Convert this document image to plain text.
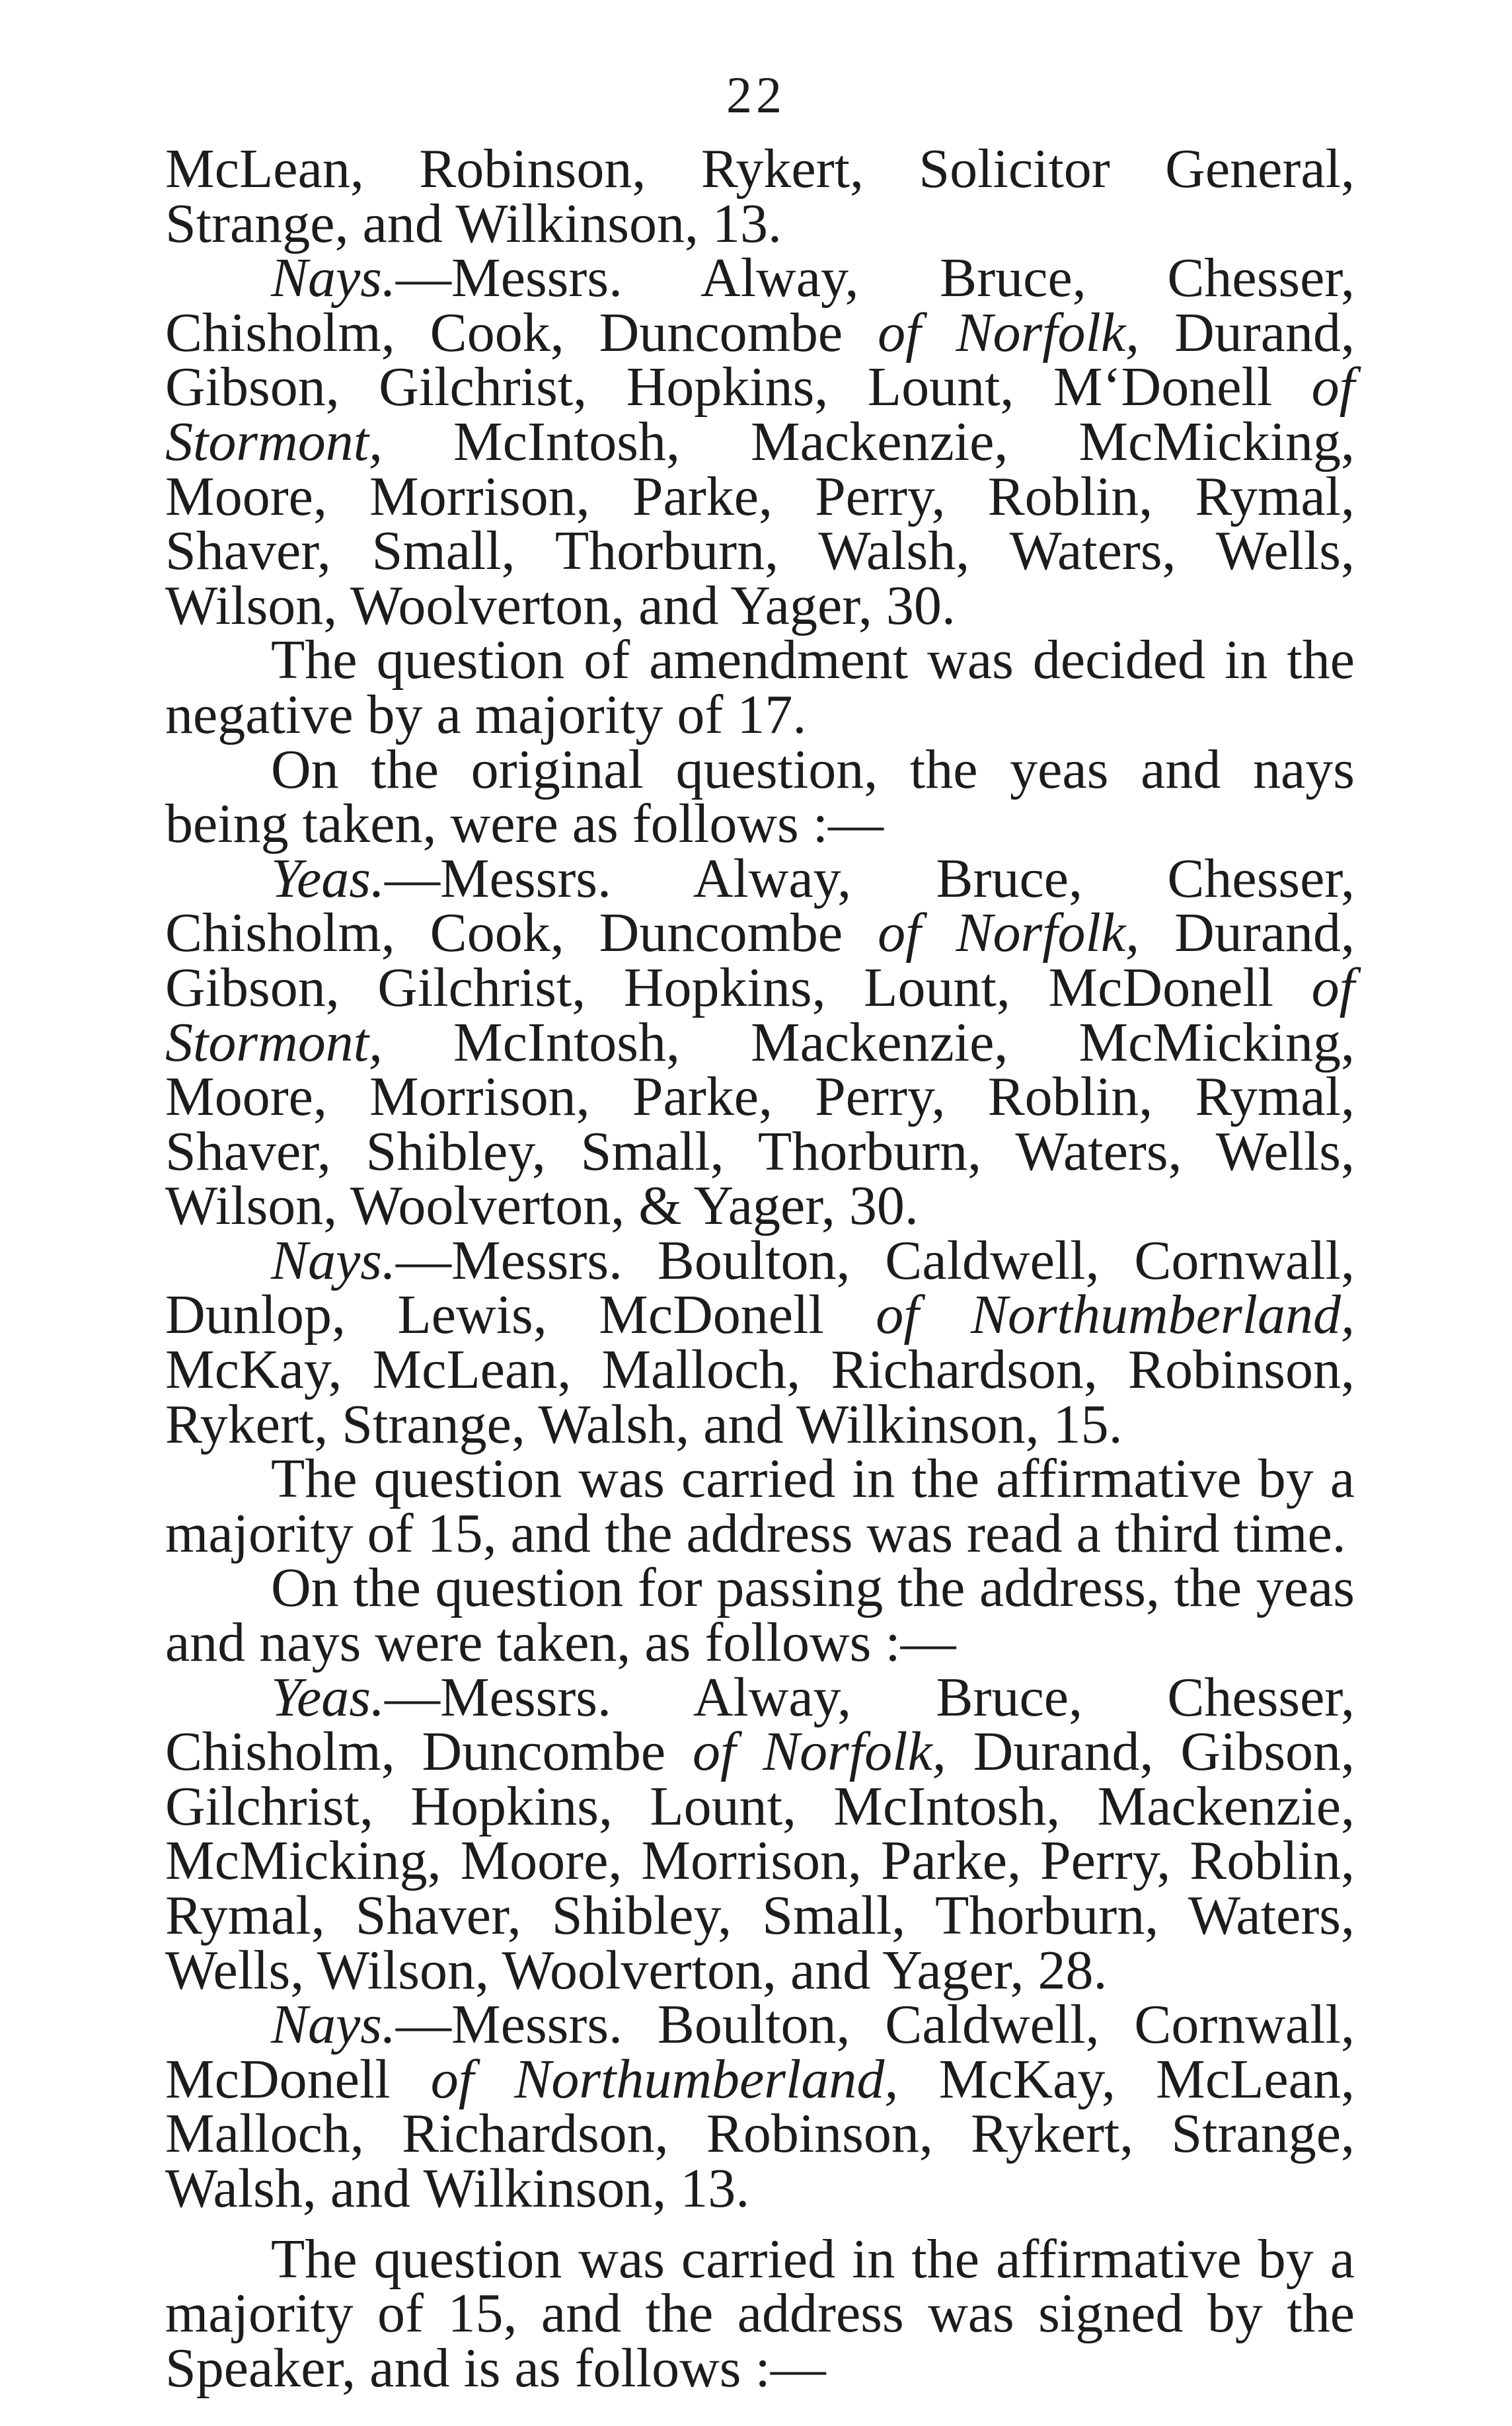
22

McLean, Robinson, Rykert, Solicitor General, Strange, and Wilkinson, 13.

Nays.—Messrs. Alway, Bruce, Chesser, Chisholm, Cook, Duncombe of Norfolk, Durand, Gibson, Gilchrist, Hopkins, Lount, M‘Donell of Stormont, McIntosh, Mackenzie, McMicking, Moore, Morrison, Parke, Perry, Roblin, Rymal, Shaver, Small, Thorburn, Walsh, Waters, Wells, Wilson, Woolverton, and Yager, 30.

The question of amendment was decided in the negative by a majority of 17.

On the original question, the yeas and nays being taken, were as follows :—

Yeas.—Messrs. Alway, Bruce, Chesser, Chisholm, Cook, Duncombe of Norfolk, Durand, Gibson, Gilchrist, Hopkins, Lount, McDonell of Stormont, McIntosh, Mackenzie, McMicking, Moore, Morrison, Parke, Perry, Roblin, Rymal, Shaver, Shibley, Small, Thorburn, Waters, Wells, Wilson, Woolverton, & Yager, 30.

Nays.—Messrs. Boulton, Caldwell, Cornwall, Dunlop, Lewis, McDonell of Northumberland, McKay, McLean, Malloch, Richardson, Robinson, Rykert, Strange, Walsh, and Wilkinson, 15.

The question was carried in the affirmative by a majority of 15, and the address was read a third time.

On the question for passing the address, the yeas and nays were taken, as follows :—

Yeas.—Messrs. Alway, Bruce, Chesser, Chisholm, Duncombe of Norfolk, Durand, Gibson, Gilchrist, Hopkins, Lount, McIntosh, Mackenzie, McMicking, Moore, Morrison, Parke, Perry, Roblin, Rymal, Shaver, Shibley, Small, Thorburn, Waters, Wells, Wilson, Woolverton, and Yager, 28.

Nays.—Messrs. Boulton, Caldwell, Cornwall, McDonell of Northumberland, McKay, McLean, Malloch, Richardson, Robinson, Rykert, Strange, Walsh, and Wilkinson, 13.

The question was carried in the affirmative by a majority of 15, and the address was signed by the Speaker, and is as follows :—
